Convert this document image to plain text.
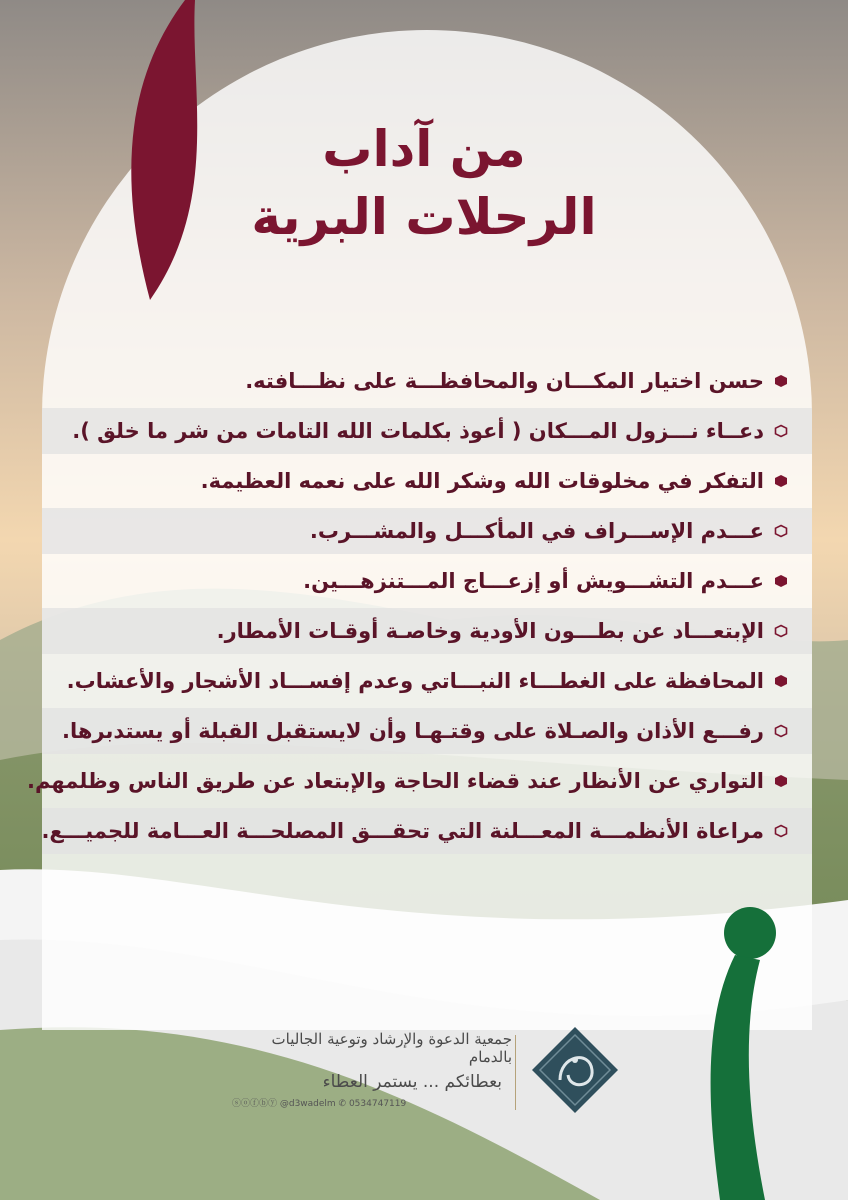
من آداب
الرحلات البرية
حسن اختيار المكـــان والمحافظـــة على نظـــافته.
دعــاء نـــزول المـــكان ( أعوذ بكلمات الله التامات من شر ما خلق ).
التفكر في مخلوقات الله وشكر الله على نعمه العظيمة.
عـــدم الإســـراف في المأكـــل والمشـــرب.
عـــدم التشـــويش أو إزعـــاج المـــتنزهـــين.
الإبتعـــاد عن بطـــون الأودية وخاصـة أوقـات الأمطار.
المحافظة على الغطـــاء النبـــاتي وعدم إفســـاد الأشجار والأعشاب.
رفـــع الأذان والصـلاة على وقتـهـا وأن لايستقبل القبلة أو يستدبرها.
التواري عن الأنظار عند قضاء الحاجة والإبتعاد عن طريق الناس وظلمهم.
مراعاة الأنظمـــة المعـــلنة التي تحقـــق المصلحـــة العـــامة للجميـــع.
جمعية الدعوة والإرشاد وتوعية الجاليات بالدمام
بعطائكم ... يستمر العطاء
ⓢⓞⓕⓑⓨ @d3wadelm ✆ 0534747119
